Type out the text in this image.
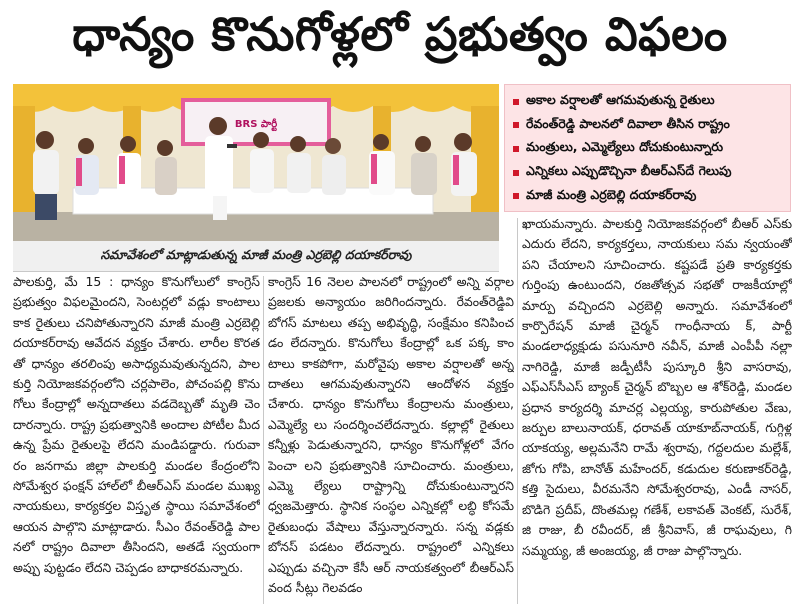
ధాన్యం కొనుగోళ్లలో ప్రభుత్వం విఫలం
BRS పార్టీ
సమావేశంలో మాట్లాడుతున్న మాజీ మంత్రి ఎర్రబెల్లి దయాకర్‌రావు
అకాల వర్షాలతో ఆగమవుతున్న రైతులు
రేవంత్‌రెడ్డి పాలనలో దివాలా తీసిన రాష్ట్రం
మంత్రులు, ఎమ్మెల్యేలు దోచుకుంటున్నారు
ఎన్నికలు ఎప్పుడొచ్చినా బీఆర్‌ఎస్‌దే గెలుపు
మాజీ మంత్రి ఎర్రబెల్లి దయాకర్‌రావు

పాలకుర్తి, మే 15 : ధాన్యం కొనుగోలులో కాంగ్రెస్‌ ప్రభుత్వం విఫలమైందని, సెంటర్లలో వడ్లు కాంటాలు కాక రైతులు చనిపోతున్నారని మాజీ మంత్రి ఎర్రబెల్లి దయాకర్‌రావు ఆవేదన వ్యక్తం చేశారు. లారీల కొరత తో ధాన్యం తరలింపు అసాధ్యమవుతున్నదని, పాల కుర్తి నియోజకవర్గంలోని చర్లపాలెం, పోచంపల్లి కొను గోలు కేంద్రాల్లో అన్నదాతలు వడదెబ్బతో మృతి చెం దారన్నారు. రాష్ట్ర ప్రభుత్వానికి అందాల పోటీల మీద ఉన్న ప్రేమ రైతులపై లేదని మండిపడ్డారు. గురువా రం జనగామ జిల్లా పాలకుర్తి మండల కేంద్రంలోని సోమేశ్వర ఫంక్షన్‌ హాల్‌లో బీఆర్‌ఎస్‌ మండల ముఖ్య నాయకులు, కార్యకర్తల విస్తృత స్థాయి సమావేశంలో ఆయన పాల్గొని మాట్లాడారు. సీఎం రేవంత్‌రెడ్డి పాల నలో రాష్ట్రం దివాలా తీసిందని, అతడే స్వయంగా అప్పు పుట్టడం లేదని చెప్పడం బాధాకరమన్నారు.

కాంగ్రెస్‌ 16 నెలల పాలనలో రాష్ట్రంలో అన్ని వర్గాల ప్రజలకు అన్యాయం జరిగిందన్నారు. రేవంత్‌రెడ్డివి బోగస్‌ మాటలు తప్ప అభివృద్ధి, సంక్షేమం కనిపించ డం లేదన్నారు. కొనుగోలు కేంద్రాల్లో ఒక పక్క కాం టాలు కాకపోగా, మరోవైపు అకాల వర్షాలతో అన్న దాతలు ఆగమవుతున్నారని ఆందోళన వ్యక్తం చేశారు. ధాన్యం కొనుగోలు కేంద్రాలను మంత్రులు, ఎమ్మెల్యే లు సందర్శించలేదన్నారు. కల్లాల్లో రైతులు కన్నీళ్లు పెడుతున్నారని, ధాన్యం కొనుగోళ్లలో వేగం పెంచా లని ప్రభుత్వానికి సూచించారు. మంత్రులు, ఎమ్మె ల్యేలు రాష్ట్రాన్ని దోచుకుంటున్నారని ధ్వజమెత్తారు. స్థానిక సంస్థల ఎన్నికల్లో లబ్ధి కోసమే రైతుబంధు వేషాలు వేస్తున్నారన్నారు. సన్న వడ్లకు బోనస్‌ పడటం లేదన్నారు. రాష్ట్రంలో ఎన్నికలు ఎప్పుడు వచ్చినా కేసీ ఆర్‌ నాయకత్వంలో బీఆర్‌ఎస్‌ వంద సీట్లు గెలవడం

ఖాయమన్నారు. పాలకుర్తి నియోజకవర్గంలో బీఆర్‌ ఎస్‌కు ఎదురు లేదని, కార్యకర్తలు, నాయకులు సమ న్వయంతో పని చేయాలని సూచించారు. కష్టపడే ప్రతి కార్యకర్తకు గుర్తింపు ఉంటుందని, రజతోత్సవ సభతో రాజకీయాల్లో మార్పు వచ్చిందని ఎర్రబెల్లి అన్నారు. సమావేశంలో కార్పొరేషన్‌ మాజీ చైర్మన్‌ గాంధీనాయ క్‌, పార్టీ మండలాధ్యక్షుడు పసునూరి నవీన్‌, మాజీ ఎంపీపీ నల్లా నాగిరెడ్డి, మాజీ జడ్పీటీసీ పుస్కూరి శ్రీని వాసరావు, ఎఫ్‌ఎస్‌సీఎస్‌ బ్యాంక్‌ చైర్మన్‌ బొబ్బల ఆ శోక్‌రెడ్డి, మండల ప్రధాన కార్యదర్శి మాచర్ల ఎల్లయ్య, కారుపోతుల వేణు, జర్పుల బాలునాయక్‌, ధరావత్‌ యాకూబ్‌నాయక్‌, గుగ్గిళ్ల యాకయ్య, అల్లమనేని రామే శ్వరావు, గద్దలదుల మల్లేశ్‌, జోగు గోపి, బానోత్‌ మహేందర్‌, కడుదుల కరుణాకర్‌రెడ్డి, కత్తి సైదులు, వీరమనేని సోమేశ్వరరావు, ఎండీ నాసర్‌, బొడిగె ప్రదీప్‌, దొంతమల్ల గణేశ్‌, లకావత్‌ వెంకట్‌, సురేశ్‌, జి రాజు, బీ రవీందర్‌, జీ శ్రీనివాస్‌, జీ రాఘవులు, గి సమ్మయ్య, జీ అంజయ్య, జీ రాజు పాల్గొన్నారు.
